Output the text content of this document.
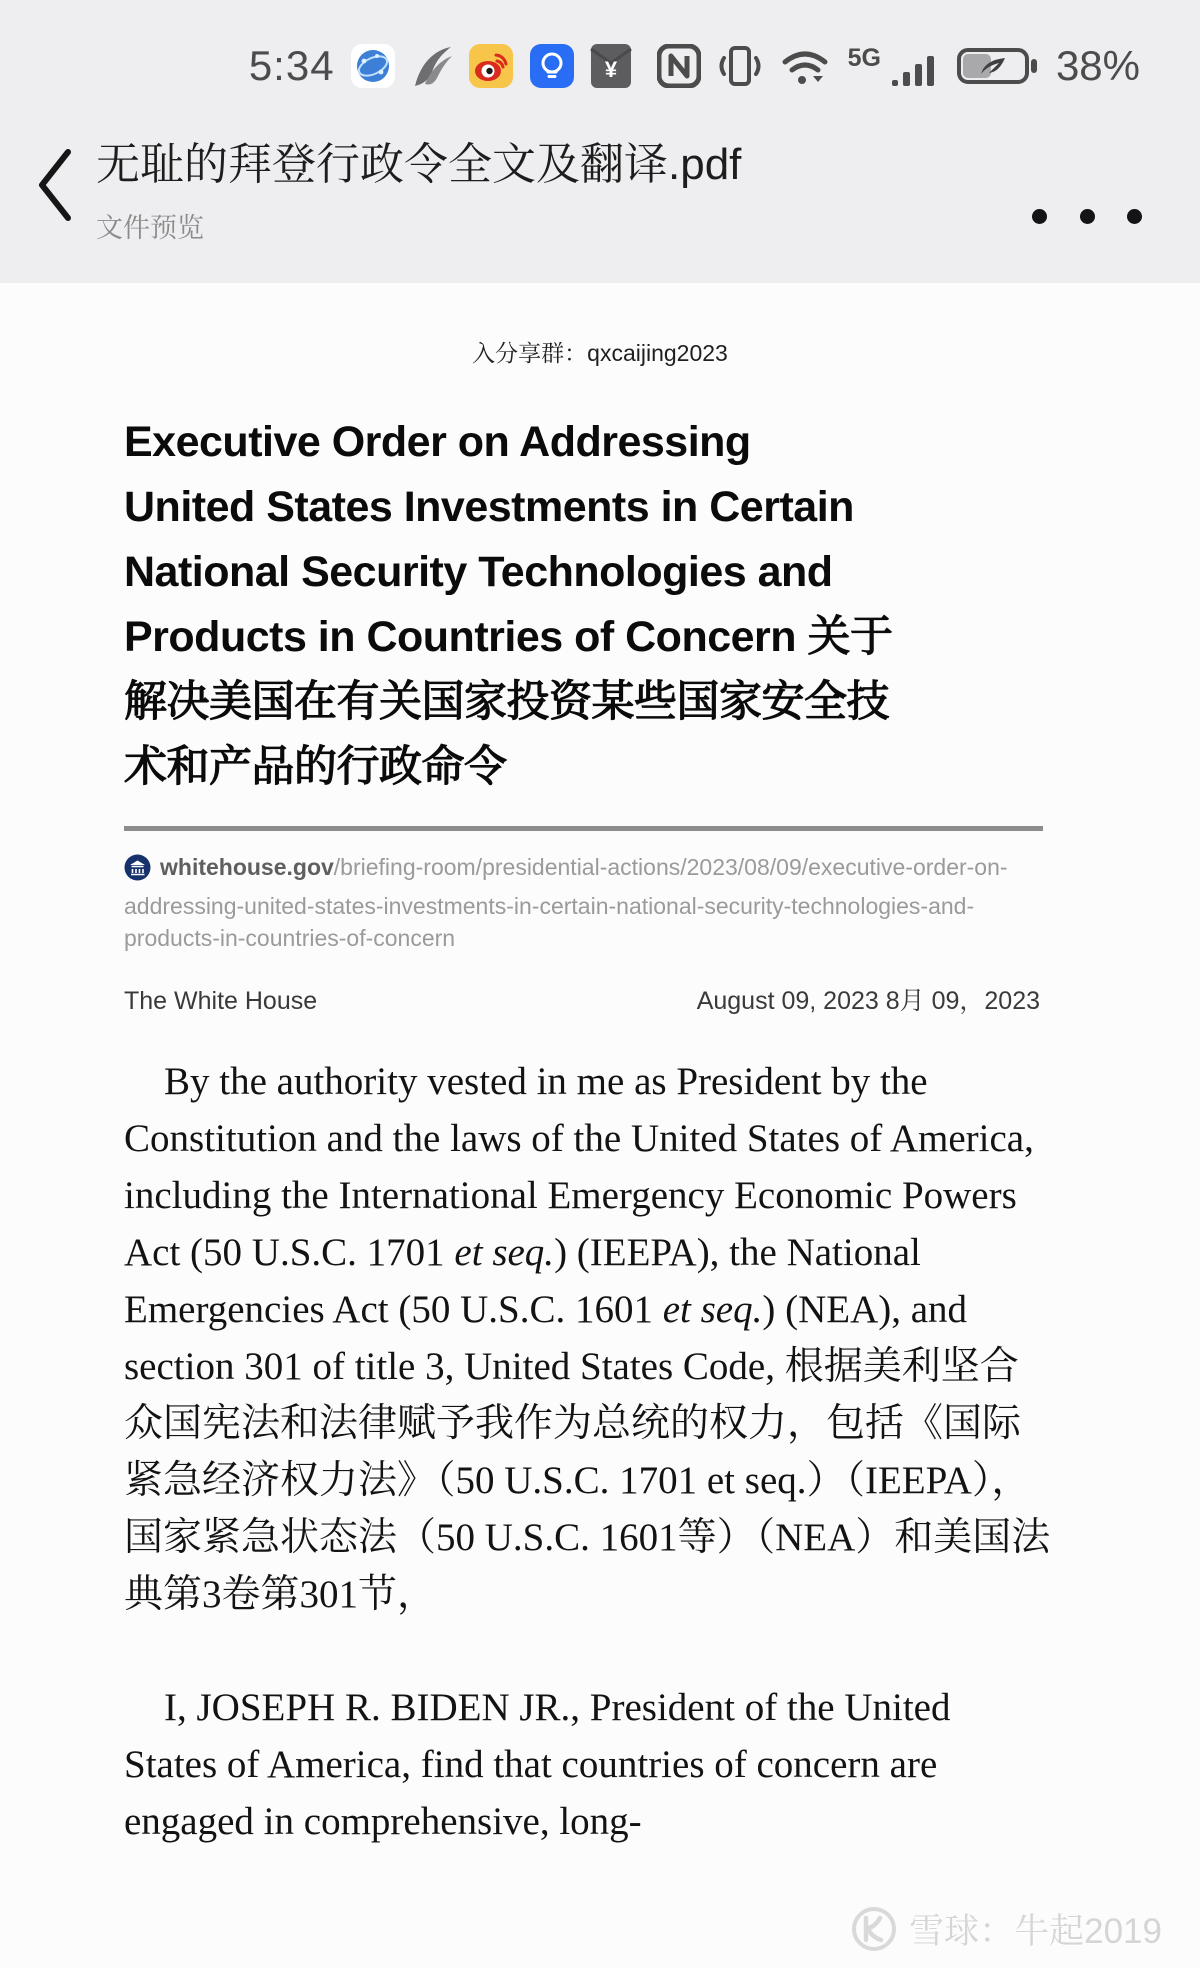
5:34	¥	5G	38%
无耻的拜登行政令全文及翻译.pdf
文件预览
入分享群：qxcaijing2023
Executive Order on Addressing
United States Investments in Certain
National Security Technologies and
Products in Countries of Concern 关于
解决美国在有关国家投资某些国家安全技
术和产品的行政命令
whitehouse.gov/briefing-room/presidential-actions/2023/08/09/executive-order-on-addressing-united-states-investments-in-certain-national-security-technologies-and-products-in-countries-of-concern
The White House	August 09, 2023 8月 09，2023

By the authority vested in me as President by the Constitution and the laws of the United States of America, including the International Emergency Economic Powers Act (50 U.S.C. 1701 et seq.) (IEEPA), the National Emergencies Act (50 U.S.C. 1601 et seq.) (NEA), and section 301 of title 3, United States Code, 根据美利坚合众国宪法和法律赋予我作为总统的权力，包括《国际紧急经济权力法》（50 U.S.C. 1701 et seq.）（IEEPA），国家紧急状态法（50 U.S.C. 1601等）（NEA）和美国法典第3卷第301节，

I, JOSEPH R. BIDEN JR., President of the United States of America, find that countries of concern are engaged in comprehensive, long-

雪球：牛起2019
